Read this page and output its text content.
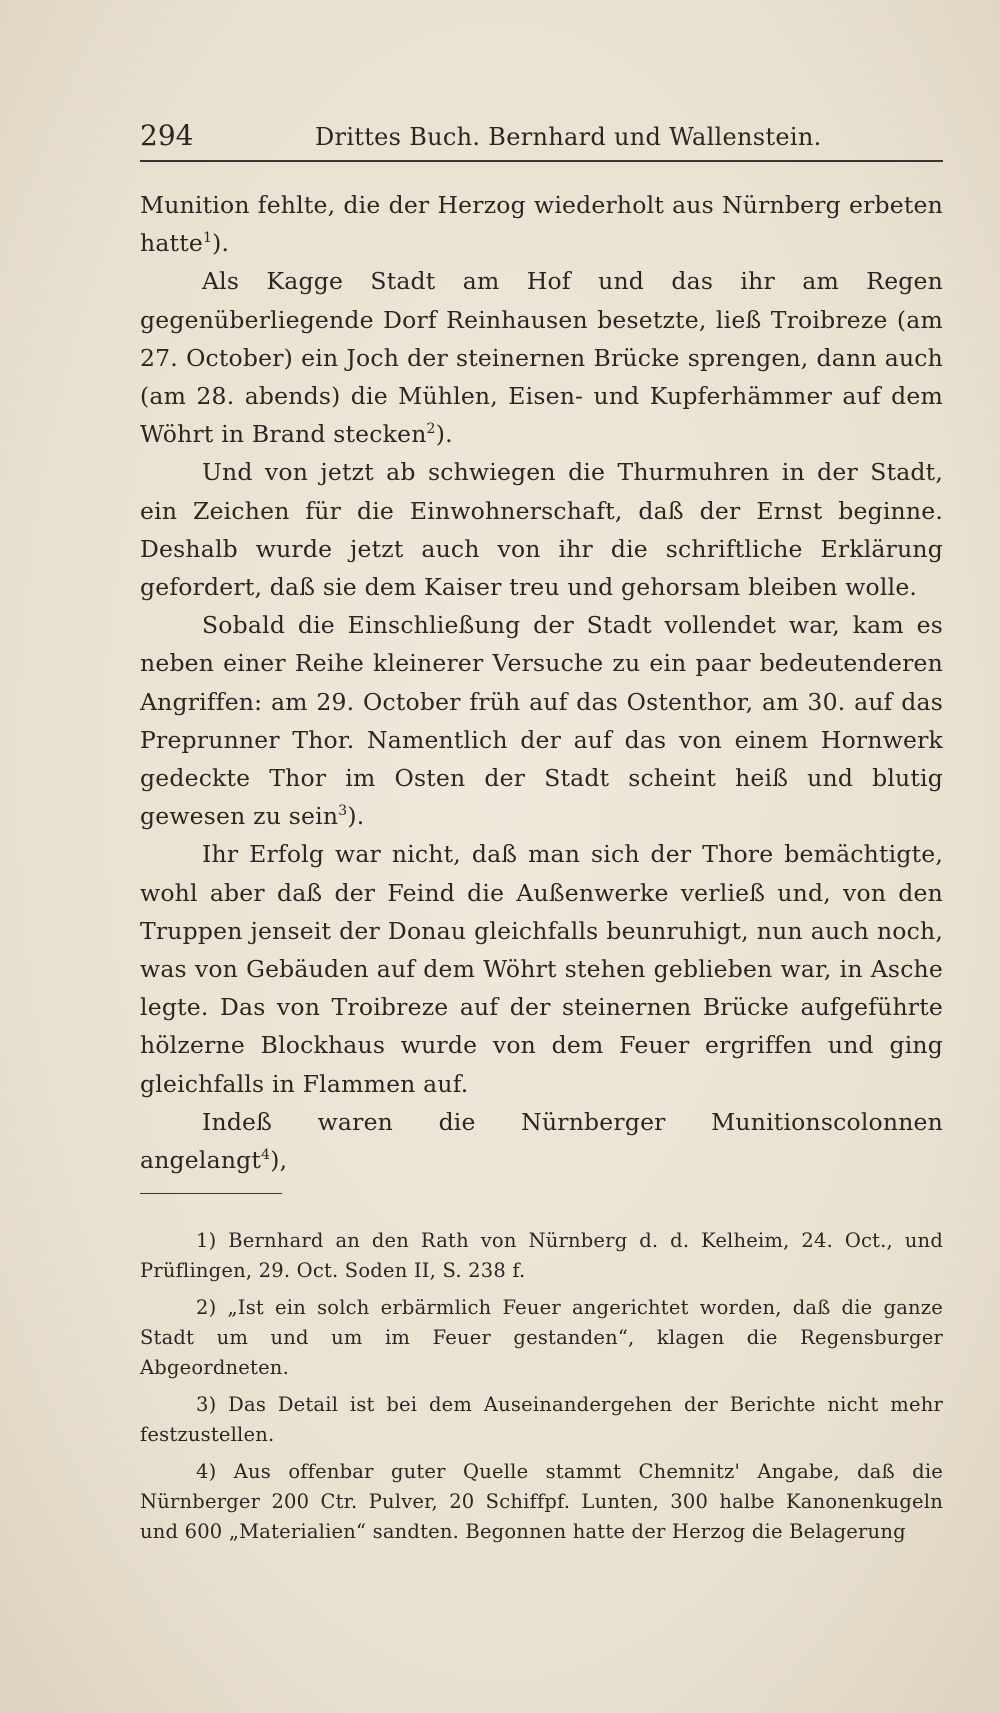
294	Drittes Buch. Bernhard und Wallenstein.

Munition fehlte, die der Herzog wiederholt aus Nürnberg erbeten hatte$^1$).

Als Kagge Stadt am Hof und das ihr am Regen gegenüberliegende Dorf Reinhausen besetzte, ließ Troibreze (am 27. October) ein Joch der steinernen Brücke sprengen, dann auch (am 28. abends) die Mühlen, Eisen- und Kupferhämmer auf dem Wöhrt in Brand stecken$^2$).

Und von jetzt ab schwiegen die Thurmuhren in der Stadt, ein Zeichen für die Einwohnerschaft, daß der Ernst beginne. Deshalb wurde jetzt auch von ihr die schriftliche Erklärung gefordert, daß sie dem Kaiser treu und gehorsam bleiben wolle.

Sobald die Einschließung der Stadt vollendet war, kam es neben einer Reihe kleinerer Versuche zu ein paar bedeutenderen Angriffen: am 29. October früh auf das Ostenthor, am 30. auf das Preprunner Thor. Namentlich der auf das von einem Hornwerk gedeckte Thor im Osten der Stadt scheint heiß und blutig gewesen zu sein$^3$).

Ihr Erfolg war nicht, daß man sich der Thore bemächtigte, wohl aber daß der Feind die Außenwerke verließ und, von den Truppen jenseit der Donau gleichfalls beunruhigt, nun auch noch, was von Gebäuden auf dem Wöhrt stehen geblieben war, in Asche legte. Das von Troibreze auf der steinernen Brücke aufgeführte hölzerne Blockhaus wurde von dem Feuer ergriffen und ging gleichfalls in Flammen auf.

Indeß waren die Nürnberger Munitionscolonnen angelangt$^4$),

1) Bernhard an den Rath von Nürnberg d. d. Kelheim, 24. Oct., und Prüflingen, 29. Oct. Soden II, S. 238 f.

2) „Ist ein solch erbärmlich Feuer angerichtet worden, daß die ganze Stadt um und um im Feuer gestanden“, klagen die Regensburger Abgeordneten.

3) Das Detail ist bei dem Auseinandergehen der Berichte nicht mehr festzustellen.

4) Aus offenbar guter Quelle stammt Chemnitz' Angabe, daß die Nürnberger 200 Ctr. Pulver, 20 Schiffpf. Lunten, 300 halbe Kanonenkugeln und 600 „Materialien“ sandten. Begonnen hatte der Herzog die Belagerung
